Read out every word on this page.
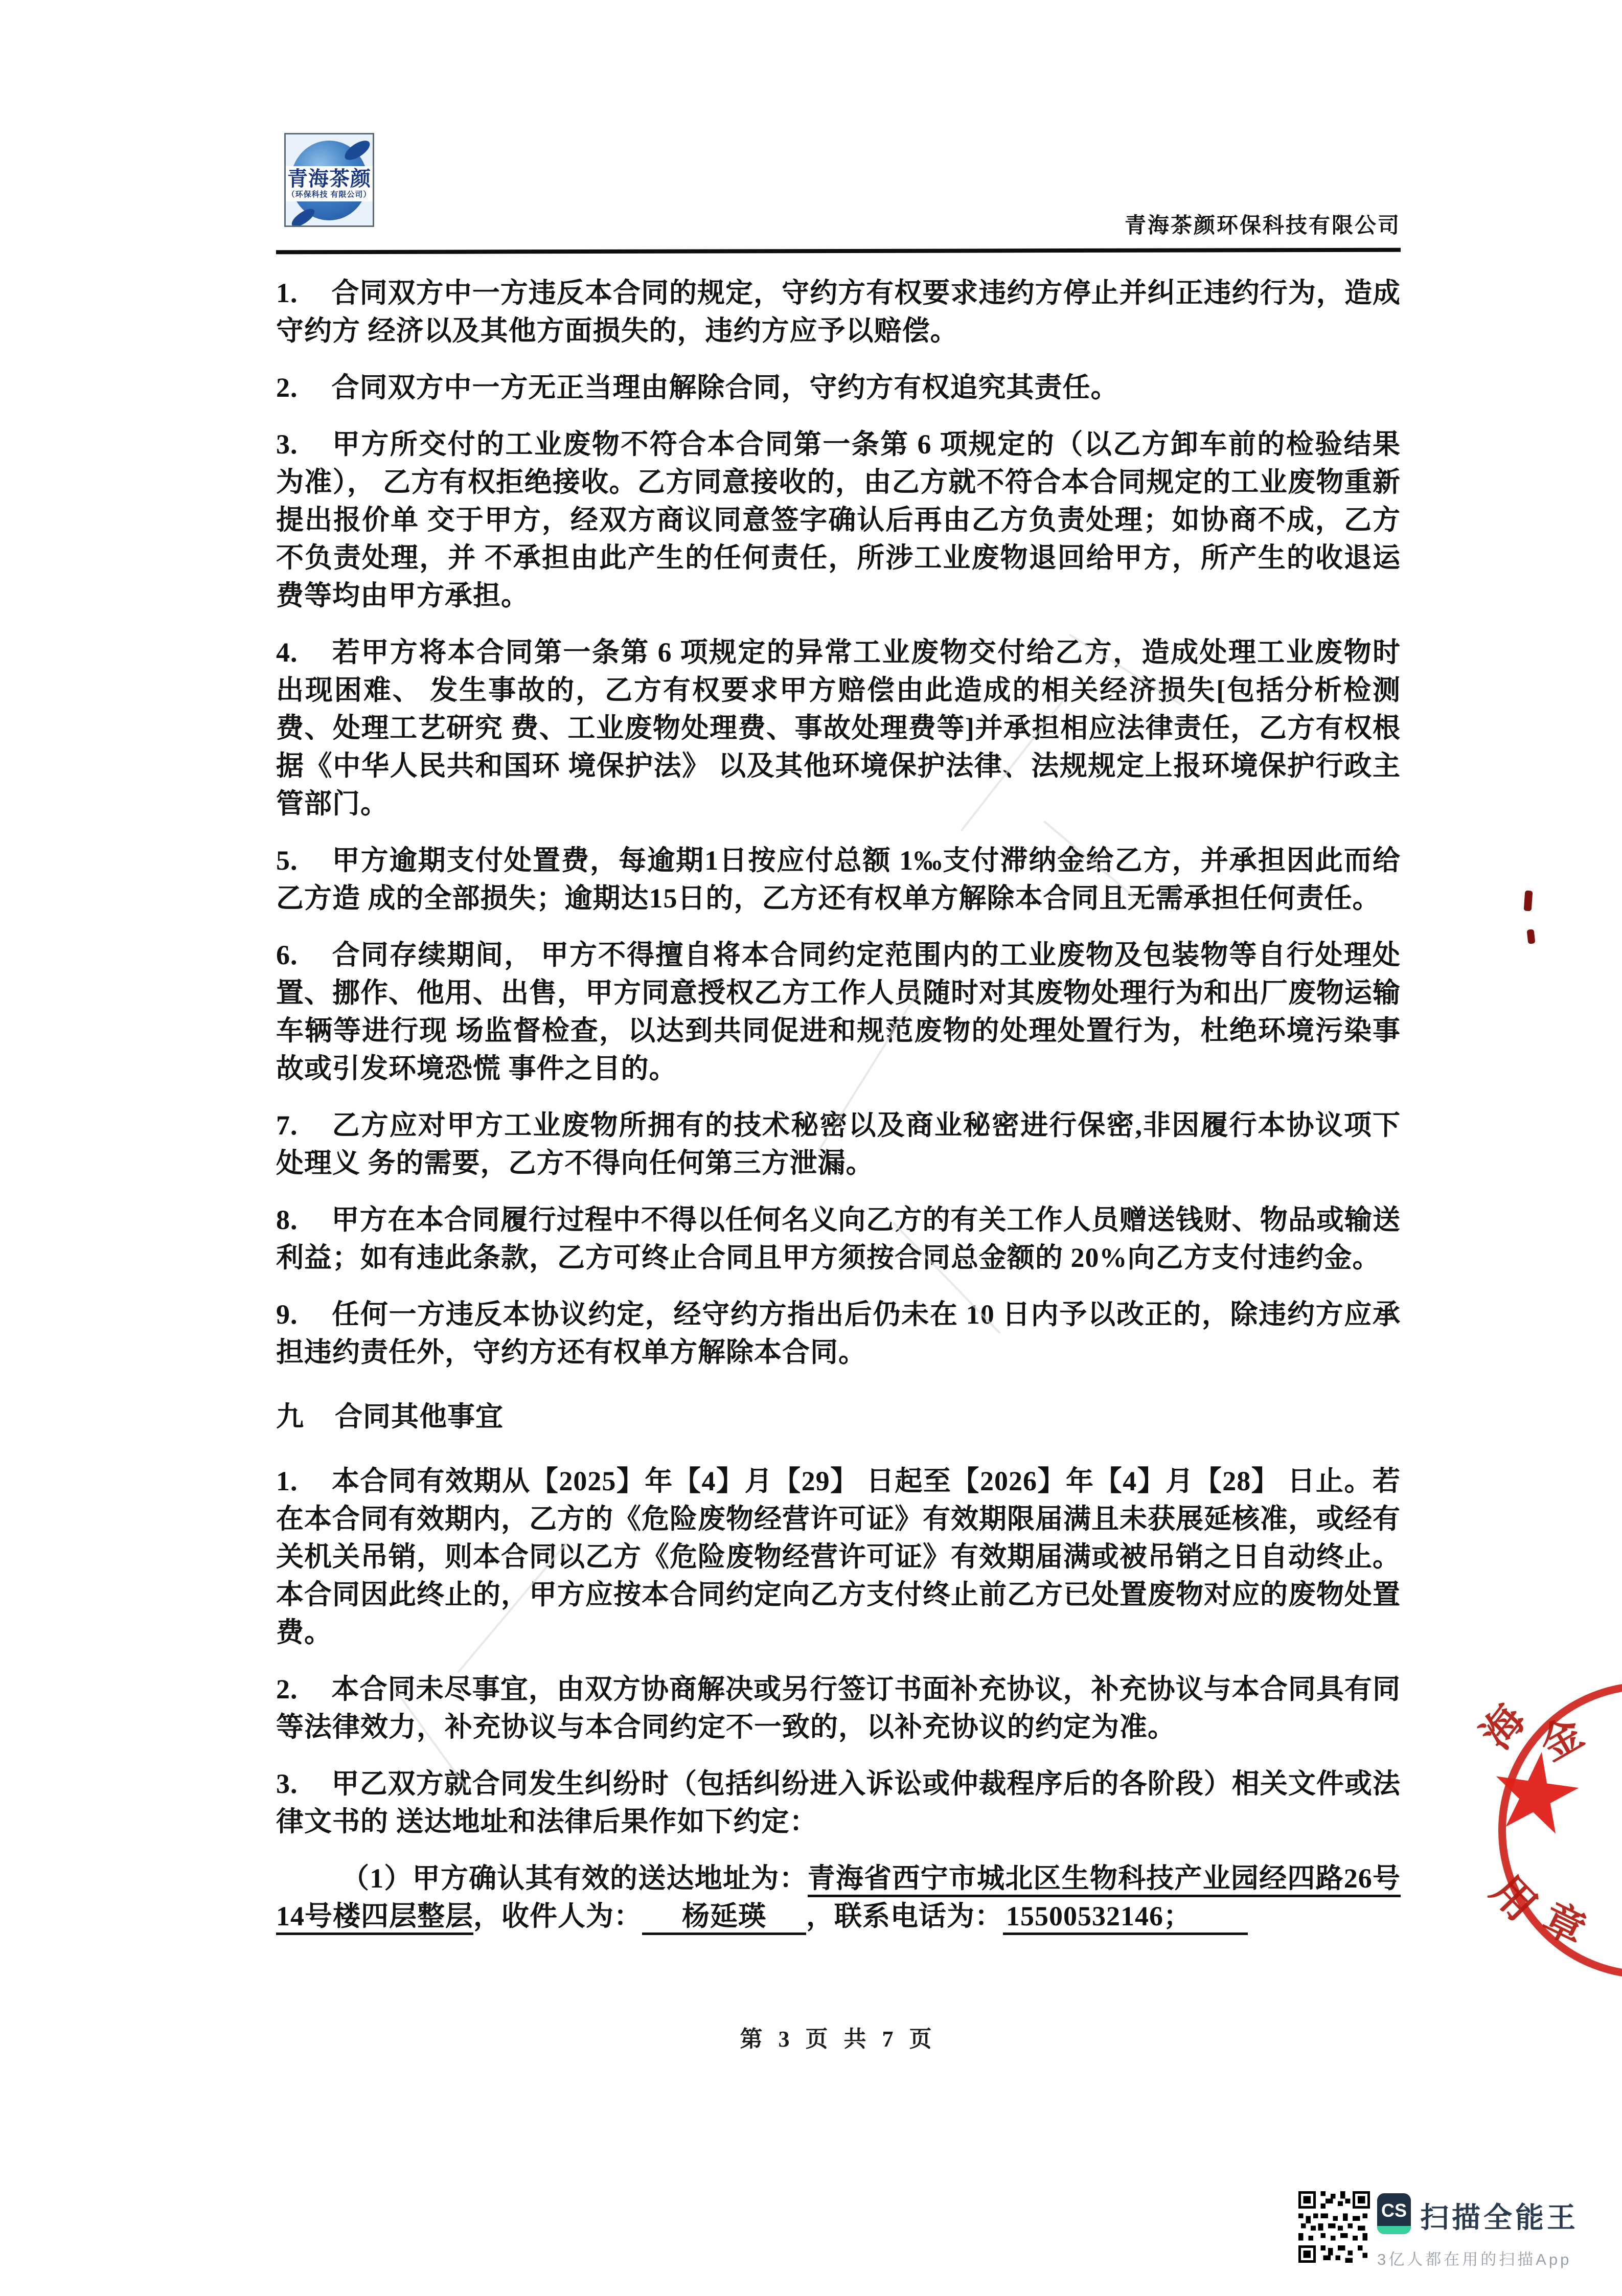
青海茶颜
（环保科技 有限公司）
青海茶颜环保科技有限公司

1. 合同双方中一方违反本合同的规定，守约方有权要求违约方停止并纠正违约行为，造成守约方 经济以及其他方面损失的，违约方应予以赔偿。

2. 合同双方中一方无正当理由解除合同，守约方有权追究其责任。

3. 甲方所交付的工业废物不符合本合同第一条第 6 项规定的（以乙方卸车前的检验结果为准）， 乙方有权拒绝接收。乙方同意接收的，由乙方就不符合本合同规定的工业废物重新提出报价单 交于甲方，经双方商议同意签字确认后再由乙方负责处理；如协商不成，乙方不负责处理，并 不承担由此产生的任何责任，所涉工业废物退回给甲方，所产生的收退运费等均由甲方承担。

4. 若甲方将本合同第一条第 6 项规定的异常工业废物交付给乙方，造成处理工业废物时出现困难、 发生事故的，乙方有权要求甲方赔偿由此造成的相关经济损失[包括分析检测费、处理工艺研究 费、工业废物处理费、事故处理费等]并承担相应法律责任，乙方有权根据《中华人民共和国环 境保护法》 以及其他环境保护法律、法规规定上报环境保护行政主管部门。

5. 甲方逾期支付处置费，每逾期1日按应付总额 1‰支付滞纳金给乙方，并承担因此而给乙方造 成的全部损失；逾期达15日的，乙方还有权单方解除本合同且无需承担任何责任。

6. 合同存续期间， 甲方不得擅自将本合同约定范围内的工业废物及包装物等自行处理处置、挪作、他用、出售，甲方同意授权乙方工作人员随时对其废物处理行为和出厂废物运输车辆等进行现 场监督检查，以达到共同促进和规范废物的处理处置行为，杜绝环境污染事故或引发环境恐慌 事件之目的。

7. 乙方应对甲方工业废物所拥有的技术秘密以及商业秘密进行保密,非因履行本协议项下处理义 务的需要，乙方不得向任何第三方泄漏。

8. 甲方在本合同履行过程中不得以任何名义向乙方的有关工作人员赠送钱财、物品或输送利益；如有违此条款，乙方可终止合同且甲方须按合同总金额的 20%向乙方支付违约金。

9. 任何一方违反本协议约定，经守约方指出后仍未在 10 日内予以改正的，除违约方应承担违约责任外，守约方还有权单方解除本合同。

九 合同其他事宜

1. 本合同有效期从【2025】年【4】月【29】 日起至【2026】年【4】月【28】 日止。若在本合同有效期内，乙方的《危险废物经营许可证》有效期限届满且未获展延核准，或经有关机关吊销，则本合同以乙方《危险废物经营许可证》有效期届满或被吊销之日自动终止。本合同因此终止的，甲方应按本合同约定向乙方支付终止前乙方已处置废物对应的废物处置费。

2. 本合同未尽事宜，由双方协商解决或另行签订书面补充协议，补充协议与本合同具有同等法律效力，补充协议与本合同约定不一致的，以补充协议的约定为准。

3. 甲乙双方就合同发生纠纷时（包括纠纷进入诉讼或仲裁程序后的各阶段）相关文件或法律文书的 送达地址和法律后果作如下约定：

（1）甲方确认其有效的送达地址为：青海省西宁市城北区生物科技产业园经四路26号14号楼四层整层，收件人为： 杨延瑛 ，联系电话为： 15500532146；

第 3 页 共 7 页
CS 扫描全能王
3亿人都在用的扫描App
海
金
用
章
